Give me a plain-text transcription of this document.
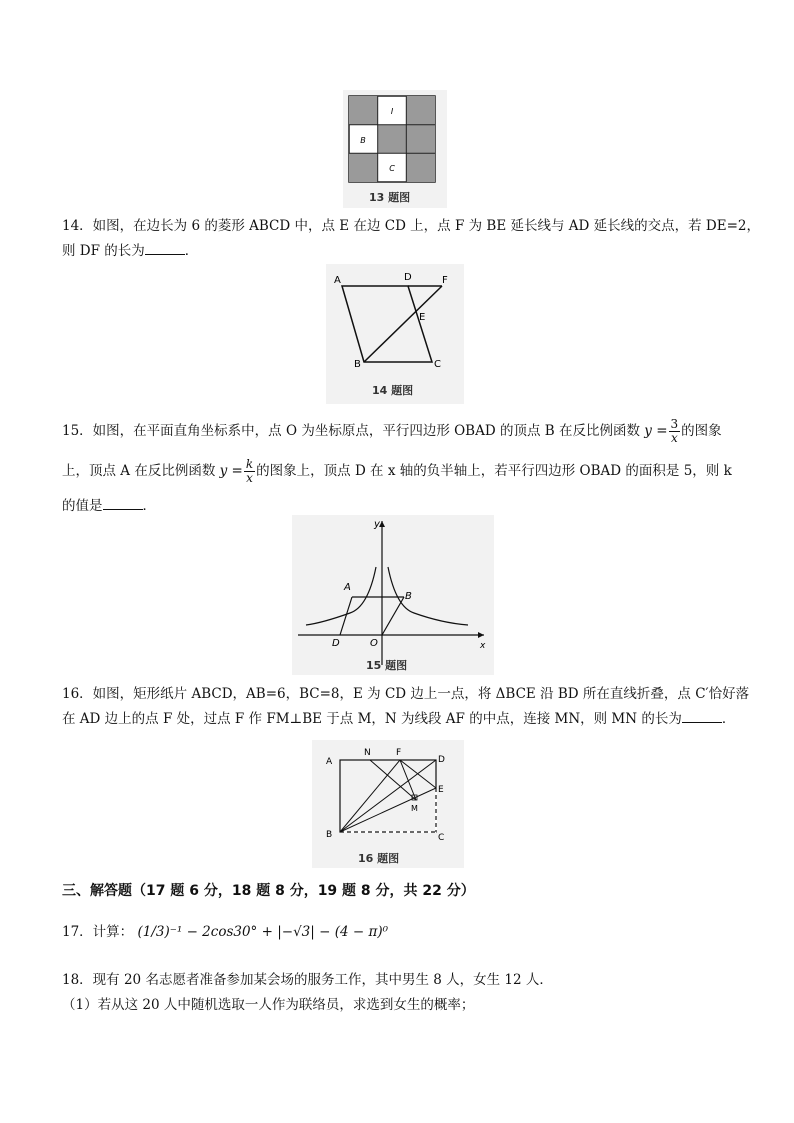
I
B
C
13 题图
14．如图，在边长为 6 的菱形 ABCD 中，点 E 在边 CD 上，点 F 为 BE 延长线与 AD 延长线的交点，若 DE=2，
则 DF 的长为	．
A	D	F
E
B	C
14 题图
15．如图，在平面直角坐标系中，点 O 为坐标原点，平行四边形 OBAD 的顶点 B 在反比例函数 $y = \frac{3}{x}$ 的图象
上，顶点 A 在反比例函数 $y = \frac{k}{x}$ 的图象上，顶点 D 在 x 轴的负半轴上，若平行四边形 OBAD 的面积是 5，则 k
的值是	．
y
x
A
B
D	O
15 题图
16．如图，矩形纸片 ABCD，AB=6，BC=8，E 为 CD 边上一点，将 ΔBCE 沿 BD 所在直线折叠，点 C′恰好落
在 AD 边上的点 F 处，过点 F 作 FM⊥BE 于点 M，N 为线段 AF 的中点，连接 MN，则 MN 的长为	．
A
N	F
D
E
M
B	C
16 题图
三、解答题（17 题 6 分，18 题 8 分，19 题 8 分，共 22 分）
17．计算： (1/3)⁻¹ − 2cos30° + |−√3| − (4 − π)⁰
18．现有 20 名志愿者准备参加某会场的服务工作，其中男生 8 人，女生 12 人．
（1）若从这 20 人中随机选取一人作为联络员，求选到女生的概率；
